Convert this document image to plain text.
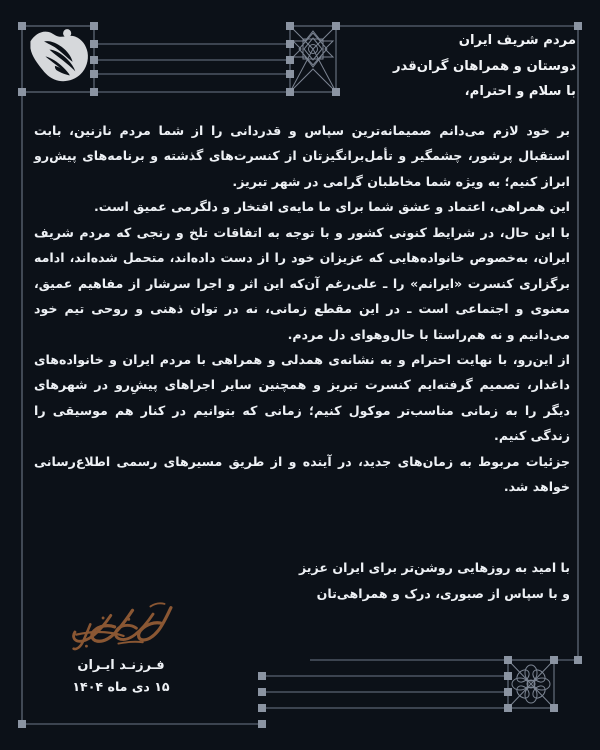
مردم شریف ایران
دوستان و همراهان گران‌قدر
با سلام و احترام،

بر خود لازم می‌دانم صمیمانه‌ترین سپاس و قدردانی را از شما مردم نازنین، بابت استقبال پرشور، چشمگیر و تأمل‌برانگیزتان از کنسرت‌های گذشته و برنامه‌های پیش‌رو ابراز کنیم؛ به ویژه شما مخاطبان گرامی در شهر تبریز.

این همراهی، اعتماد و عشق شما برای ما مایه‌ی افتخار و دلگرمی عمیق است.

با این حال، در شرایط کنونی کشور و با توجه به اتفاقات تلخ و رنجی که مردم شریف ایران، به‌خصوص خانواده‌هایی که عزیزان خود را از دست داده‌اند، متحمل شده‌اند، ادامه برگزاری کنسرت «ایرانم» را ـ علی‌رغم آن‌که این اثر و اجرا سرشار از مفاهیم عمیق، معنوی و اجتماعی است ـ در این مقطع زمانی، نه در توان ذهنی و روحی تیم خود می‌دانیم و نه هم‌راستا با حال‌وهوای دل مردم.

از این‌رو، با نهایت احترام و به نشانه‌ی همدلی و همراهی با مردم ایران و خانواده‌های داغدار، تصمیم گرفته‌ایم کنسرت تبریز و همچنین سایر اجراهای پیشِ‌رو در شهرهای دیگر را به زمانی مناسب‌تر موکول کنیم؛ زمانی که بتوانیم در کنار هم موسیقی را زندگی کنیم.

جزئیات مربوط به زمان‌های جدید، در آینده و از طریق مسیرهای رسمی اطلاع‌رسانی خواهد شد.

با امید به روزهایی روشن‌تر برای ایران عزیز
و با سپاس از صبوری، درک و همراهی‌تان
فـرزنـد ایـران
۱۵ دی ماه ۱۴۰۴
